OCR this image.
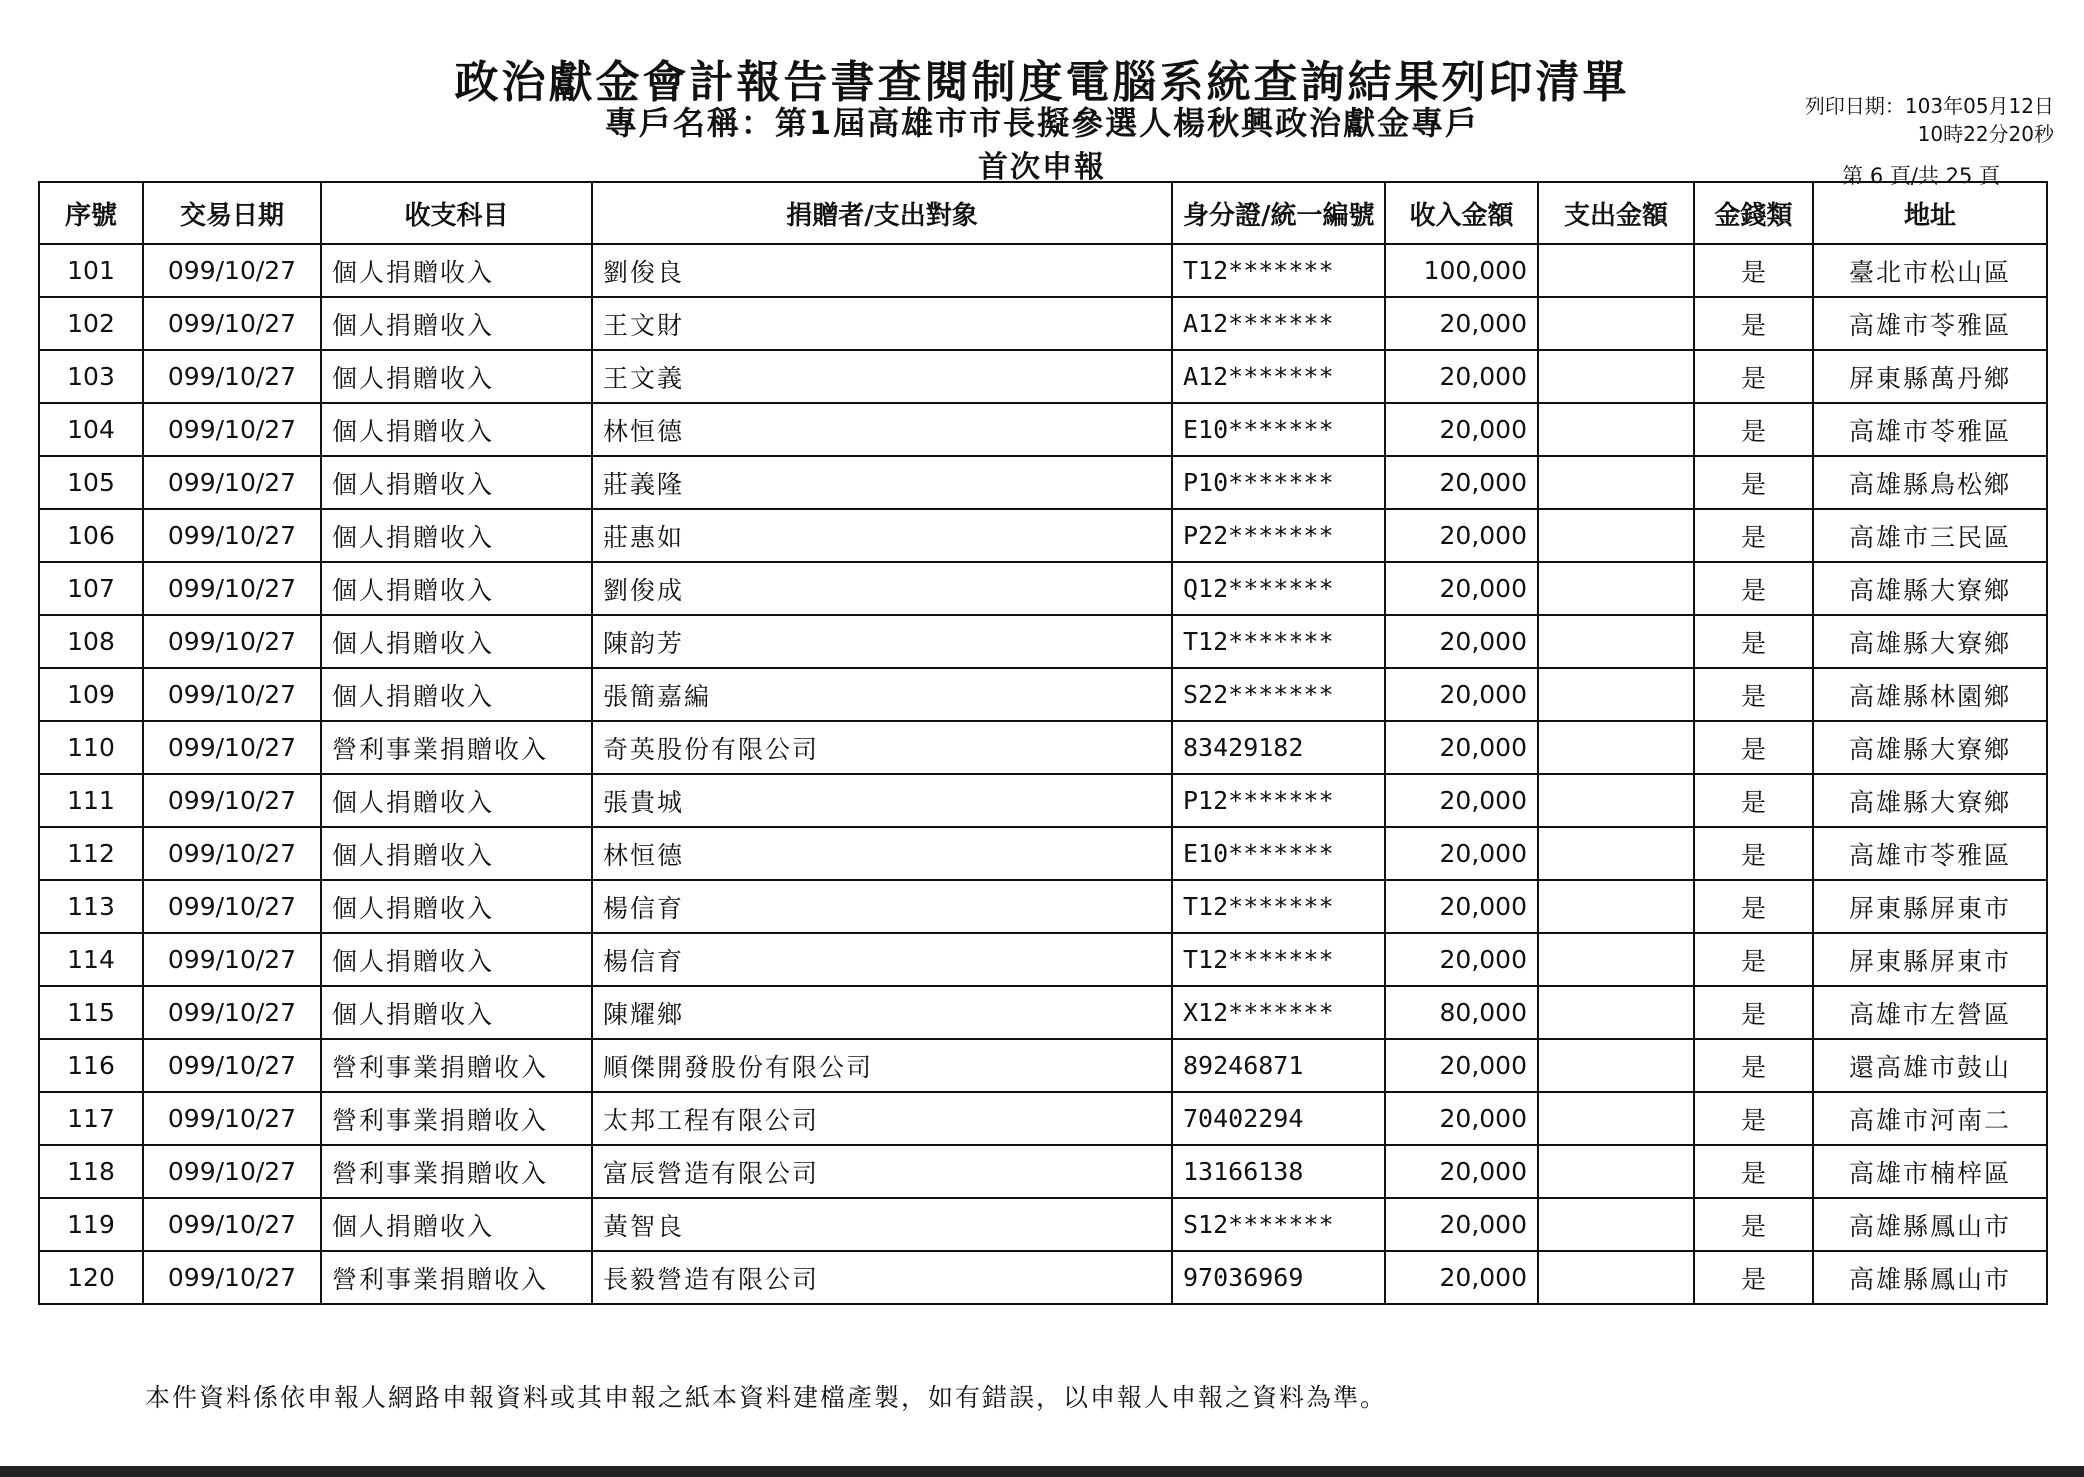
政治獻金會計報告書查閱制度電腦系統查詢結果列印清單
專戶名稱：第1屆高雄市市長擬參選人楊秋興政治獻金專戶
首次申報
列印日期：103年05月12日
10時22分20秒
第 6 頁/共 25 頁
序號	交易日期	收支科目	捐贈者/支出對象	身分證/統一編號	收入金額	支出金額	金錢類	地址
101	099/10/27	個人捐贈收入	劉俊良	T12*******	100,000		是	臺北市松山區
102	099/10/27	個人捐贈收入	王文財	A12*******	20,000		是	高雄市苓雅區
103	099/10/27	個人捐贈收入	王文義	A12*******	20,000		是	屏東縣萬丹鄉
104	099/10/27	個人捐贈收入	林恒德	E10*******	20,000		是	高雄市苓雅區
105	099/10/27	個人捐贈收入	莊義隆	P10*******	20,000		是	高雄縣鳥松鄉
106	099/10/27	個人捐贈收入	莊惠如	P22*******	20,000		是	高雄市三民區
107	099/10/27	個人捐贈收入	劉俊成	Q12*******	20,000		是	高雄縣大寮鄉
108	099/10/27	個人捐贈收入	陳韵芳	T12*******	20,000		是	高雄縣大寮鄉
109	099/10/27	個人捐贈收入	張簡嘉編	S22*******	20,000		是	高雄縣林園鄉
110	099/10/27	營利事業捐贈收入	奇英股份有限公司	83429182	20,000		是	高雄縣大寮鄉
111	099/10/27	個人捐贈收入	張貴城	P12*******	20,000		是	高雄縣大寮鄉
112	099/10/27	個人捐贈收入	林恒德	E10*******	20,000		是	高雄市苓雅區
113	099/10/27	個人捐贈收入	楊信育	T12*******	20,000		是	屏東縣屏東市
114	099/10/27	個人捐贈收入	楊信育	T12*******	20,000		是	屏東縣屏東市
115	099/10/27	個人捐贈收入	陳耀鄉	X12*******	80,000		是	高雄市左營區
116	099/10/27	營利事業捐贈收入	順傑開發股份有限公司	89246871	20,000		是	還高雄市鼓山
117	099/10/27	營利事業捐贈收入	太邦工程有限公司	70402294	20,000		是	高雄市河南二
118	099/10/27	營利事業捐贈收入	富辰營造有限公司	13166138	20,000		是	高雄市楠梓區
119	099/10/27	個人捐贈收入	黃智良	S12*******	20,000		是	高雄縣鳳山市
120	099/10/27	營利事業捐贈收入	長毅營造有限公司	97036969	20,000		是	高雄縣鳳山市
本件資料係依申報人網路申報資料或其申報之紙本資料建檔產製，如有錯誤，以申報人申報之資料為準。
